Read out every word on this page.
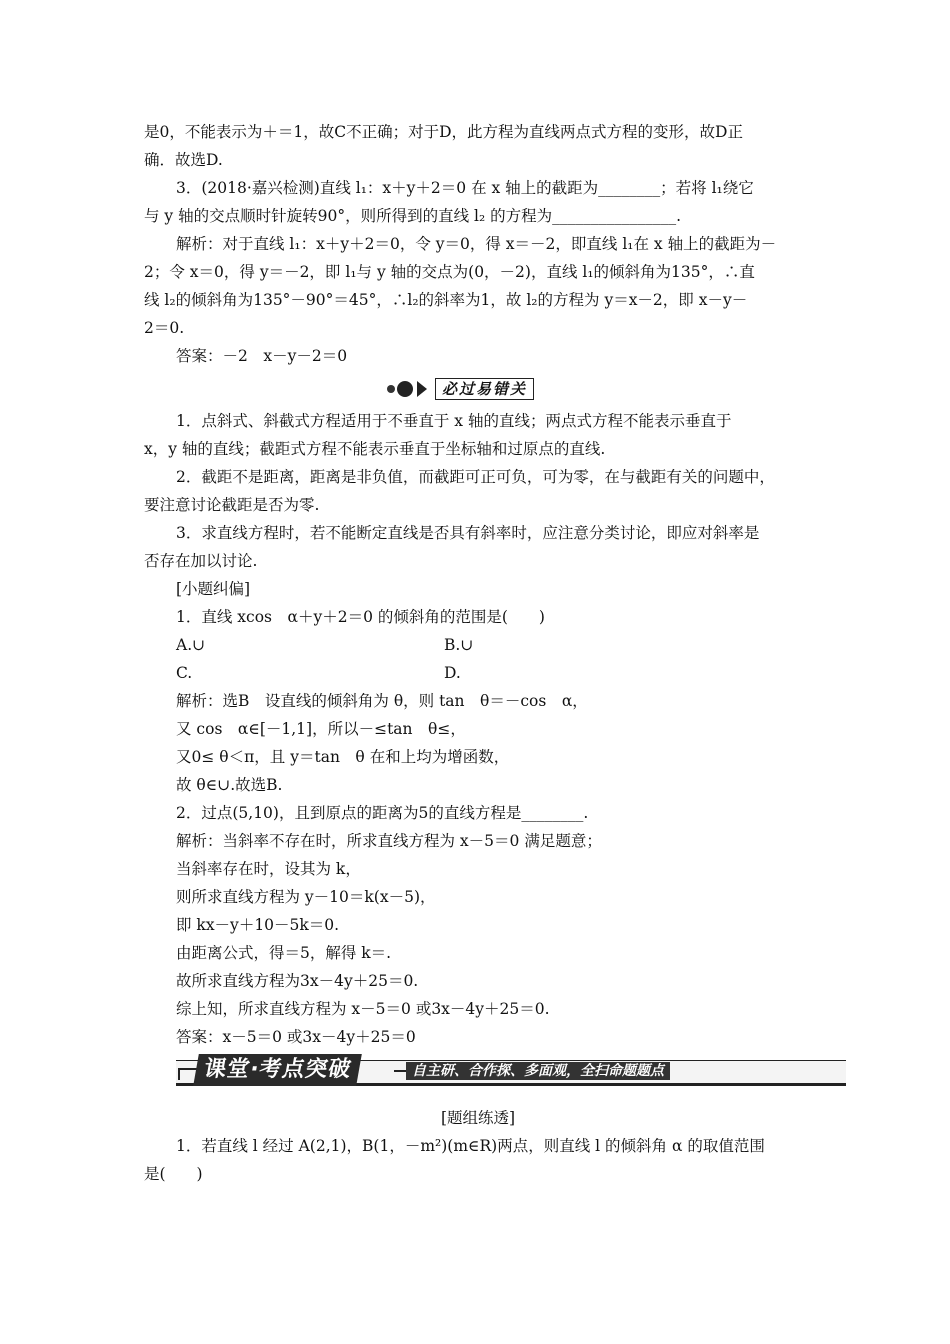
是0，不能表示为＋＝1，故C不正确；对于D，此方程为直线两点式方程的变形，故D正
确．故选D.
3．(2018·嘉兴检测)直线 l₁：x＋y＋2＝0 在 x 轴上的截距为________；若将 l₁绕它
与 y 轴的交点顺时针旋转90°，则所得到的直线 l₂ 的方程为________________.
解析：对于直线 l₁：x＋y＋2＝0，令 y＝0，得 x＝－2，即直线 l₁在 x 轴上的截距为－
2；令 x＝0，得 y＝－2，即 l₁与 y 轴的交点为(0，－2)，直线 l₁的倾斜角为135°，∴直
线 l₂的倾斜角为135°－90°＝45°，∴l₂的斜率为1，故 l₂的方程为 y＝x－2，即 x－y－
2＝0.
答案：－2　x－y－2＝0
必过易错关
1．点斜式、斜截式方程适用于不垂直于 x 轴的直线；两点式方程不能表示垂直于
x，y 轴的直线；截距式方程不能表示垂直于坐标轴和过原点的直线.
2．截距不是距离，距离是非负值，而截距可正可负，可为零，在与截距有关的问题中，
要注意讨论截距是否为零.
3．求直线方程时，若不能断定直线是否具有斜率时，应注意分类讨论，即应对斜率是
否存在加以讨论.
[小题纠偏]
1．直线 xcos　α＋y＋2＝0 的倾斜角的范围是(　　)
A.∪	B.∪
C.	D.
解析：选B　设直线的倾斜角为 θ，则 tan　θ＝－cos　α，
又 cos　α∈[－1,1]，所以－≤tan　θ≤，
又0≤ θ＜π，且 y＝tan　θ 在和上均为增函数，
故 θ∈∪.故选B.
2．过点(5,10)，且到原点的距离为5的直线方程是________.
解析：当斜率不存在时，所求直线方程为 x－5＝0 满足题意；
当斜率存在时，设其为 k，
则所求直线方程为 y－10＝k(x－5)，
即 kx－y＋10－5k＝0.
由距离公式，得＝5，解得 k＝.
故所求直线方程为3x－4y＋25＝0.
综上知，所求直线方程为 x－5＝0 或3x－4y＋25＝0.
答案：x－5＝0 或3x－4y＋25＝0
课堂·考点突破	自主研、合作探、多面观，全扫命题题点
[题组练透]
1．若直线 l 经过 A(2,1)，B(1，－m²)(m∈R)两点，则直线 l 的倾斜角 α 的取值范围
是(　　)
